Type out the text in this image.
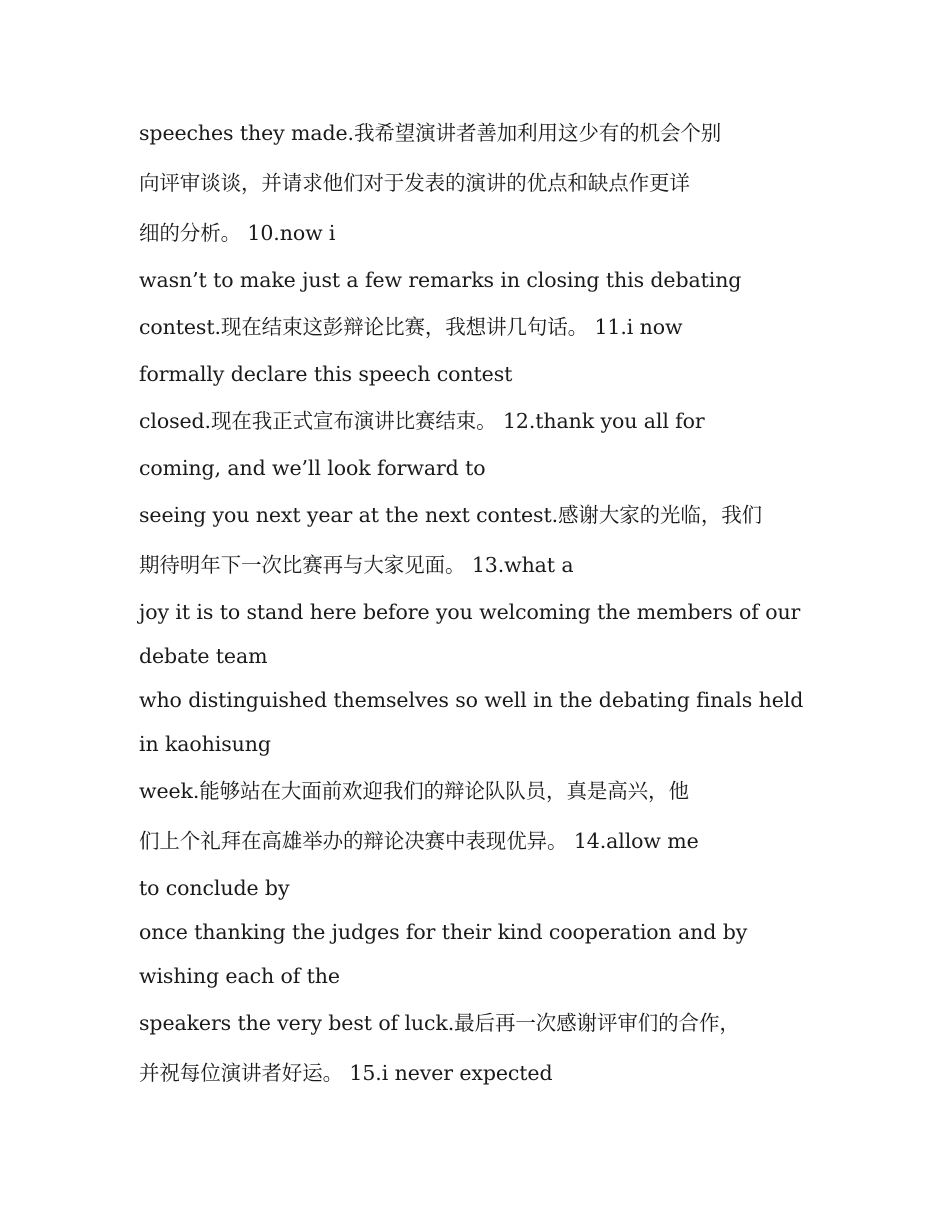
speeches they made.我希望演讲者善加利用这少有的机会个别
向评审谈谈，并请求他们对于发表的演讲的优点和缺点作更详
细的分析。 10.now i
wasn’t to make just a few remarks in closing this debating
contest.现在结束这彭辩论比赛，我想讲几句话。 11.i now
formally declare this speech contest
closed.现在我正式宣布演讲比赛结束。 12.thank you all for
coming, and we’ll look forward to
seeing you next year at the next contest.感谢大家的光临，我们
期待明年下一次比赛再与大家见面。 13.what a
joy it is to stand here before you welcoming the members of our
debate team
who distinguished themselves so well in the debating finals held
in kaohisung
week.能够站在大面前欢迎我们的辩论队队员，真是高兴，他
们上个礼拜在高雄举办的辩论决赛中表现优异。 14.allow me
to conclude by
once thanking the judges for their kind cooperation and by
wishing each of the
speakers the very best of luck.最后再一次感谢评审们的合作，
并祝每位演讲者好运。 15.i never expected
